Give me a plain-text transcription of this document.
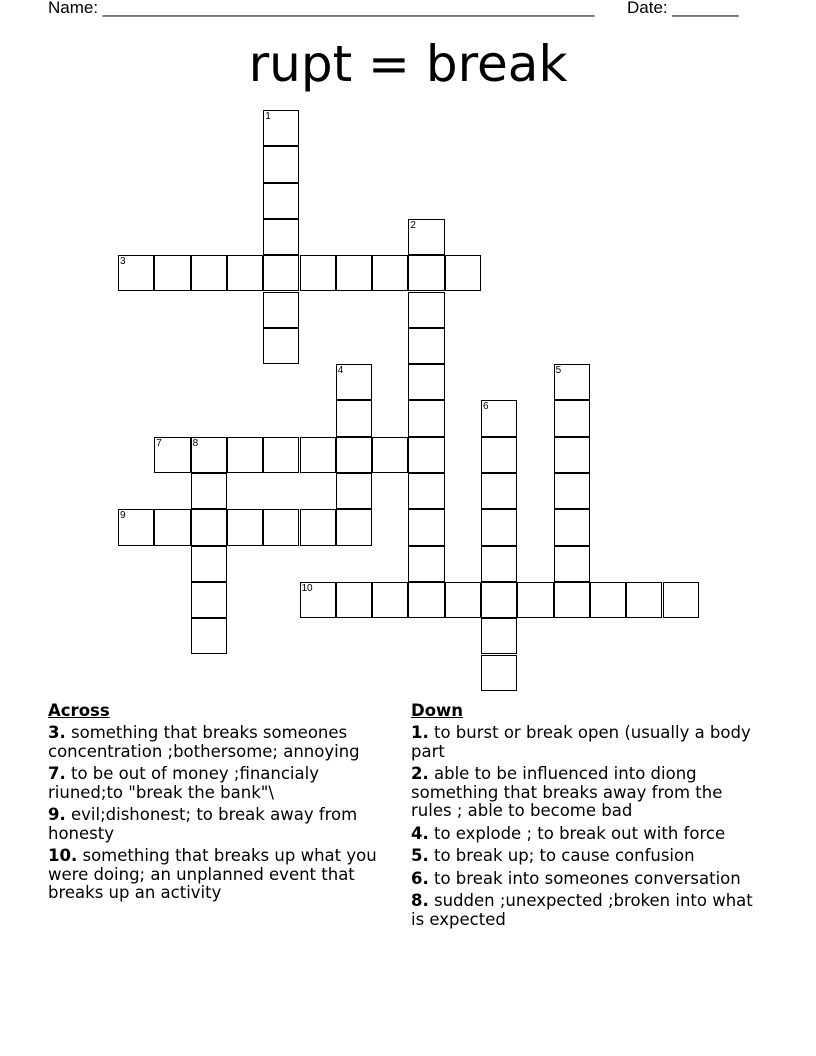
Name: ____________________________________________________ Date: _______
rupt = break
1
2
3
4	5
6
7	8
9
10
Across
3. something that breaks someones concentration ;bothersome; annoying
7. to be out of money ;financialy riuned;to "break the bank"\
9. evil;dishonest; to break away from honesty
10. something that breaks up what you were doing; an unplanned event that breaks up an activity
Down
1. to burst or break open (usually a body part
2. able to be influenced into diong something that breaks away from the rules ; able to become bad
4. to explode ; to break out with force
5. to break up; to cause confusion
6. to break into someones conversation
8. sudden ;unexpected ;broken into what is expected
